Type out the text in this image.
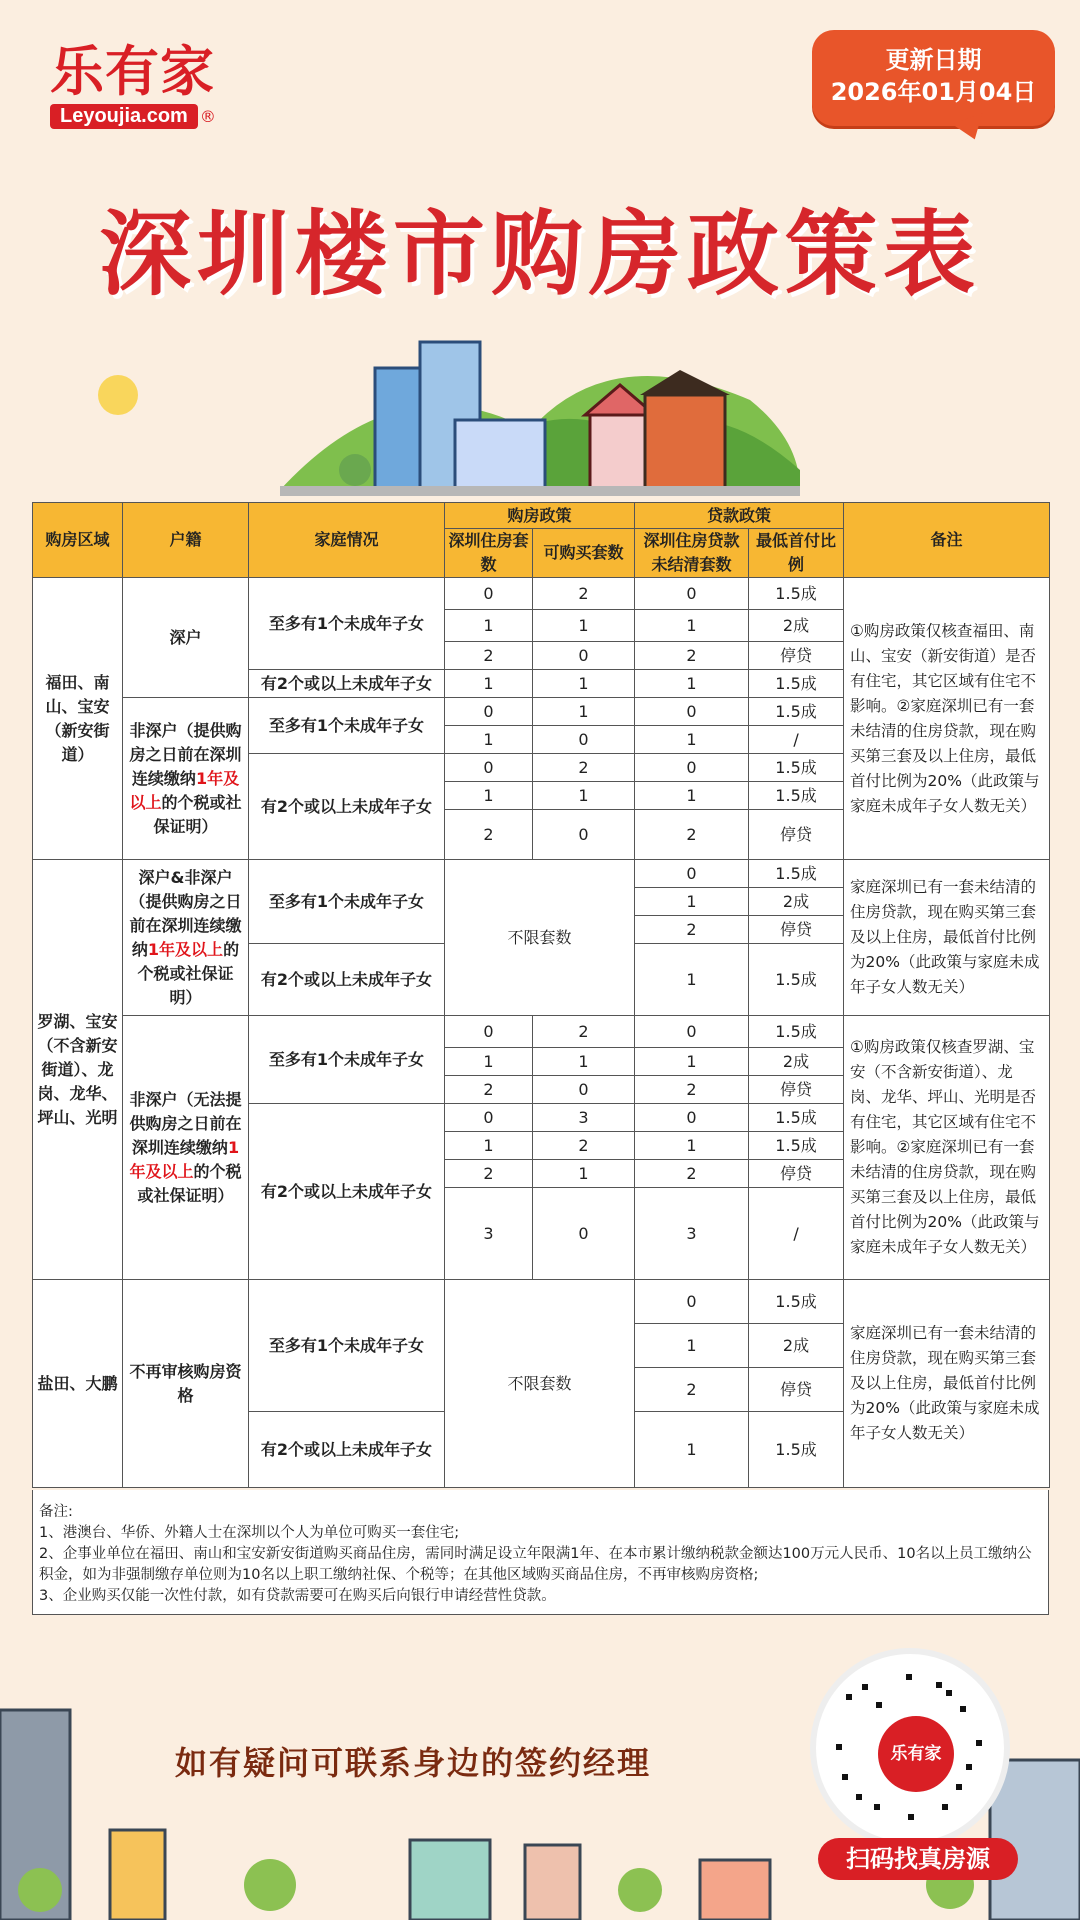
乐有家
Leyoujia.com ®
更新日期
2026年01月04日
深圳楼市购房政策表
购房区域	户籍	家庭情况	购房政策		贷款政策		备注
			深圳住房套数	可购买套数	深圳住房贷款未结清套数	最低首付比例	
福田、南山、宝安（新安街道）	深户	至多有1个未成年子女	0	2	0	1.5成	①购房政策仅核查福田、南山、宝安（新安街道）是否有住宅，其它区域有住宅不影响。②家庭深圳已有一套未结清的住房贷款，现在购买第三套及以上住房，最低首付比例为20%（此政策与家庭未成年子女人数无关）
			1	1	1	2成	
			2	0	2	停贷	
		有2个或以上未成年子女	1	1	1	1.5成	
	非深户（提供购房之日前在深圳连续缴纳1年及以上的个税或社保证明）	至多有1个未成年子女	0	1	0	1.5成	
			1	0	1	/	
		有2个或以上未成年子女	0	2	0	1.5成	
			1	1	1	1.5成	
			2	0	2	停贷	
罗湖、宝安（不含新安街道）、龙岗、龙华、坪山、光明	深户&非深户（提供购房之日前在深圳连续缴纳1年及以上的个税或社保证明）	至多有1个未成年子女	不限套数		0	1.5成	家庭深圳已有一套未结清的住房贷款，现在购买第三套及以上住房，最低首付比例为20%（此政策与家庭未成年子女人数无关）
					1	2成	
					2	停贷	
		有2个或以上未成年子女			1	1.5成	
	非深户（无法提供购房之日前在深圳连续缴纳1年及以上的个税或社保证明）	至多有1个未成年子女	0	2	0	1.5成	①购房政策仅核查罗湖、宝安（不含新安街道）、龙岗、龙华、坪山、光明是否有住宅，其它区域有住宅不影响。②家庭深圳已有一套未结清的住房贷款，现在购买第三套及以上住房，最低首付比例为20%（此政策与家庭未成年子女人数无关）
			1	1	1	2成	
			2	0	2	停贷	
		有2个或以上未成年子女	0	3	0	1.5成	
			1	2	1	1.5成	
			2	1	2	停贷	
			3	0	3	/	
盐田、大鹏	不再审核购房资格	至多有1个未成年子女	不限套数		0	1.5成	家庭深圳已有一套未结清的住房贷款，现在购买第三套及以上住房，最低首付比例为20%（此政策与家庭未成年子女人数无关）
					1	2成	
					2	停贷	
		有2个或以上未成年子女			1	1.5成	
备注:
1、港澳台、华侨、外籍人士在深圳以个人为单位可购买一套住宅;
2、企事业单位在福田、南山和宝安新安街道购买商品住房，需同时满足设立年限满1年、在本市累计缴纳税款金额达100万元人民币、10名以上员工缴纳公积金，如为非强制缴存单位则为10名以上职工缴纳社保、个税等；在其他区域购买商品住房，不再审核购房资格;
3、企业购买仅能一次性付款，如有贷款需要可在购买后向银行申请经营性贷款。
如有疑问可联系身边的签约经理	乐有家
扫码找真房源
